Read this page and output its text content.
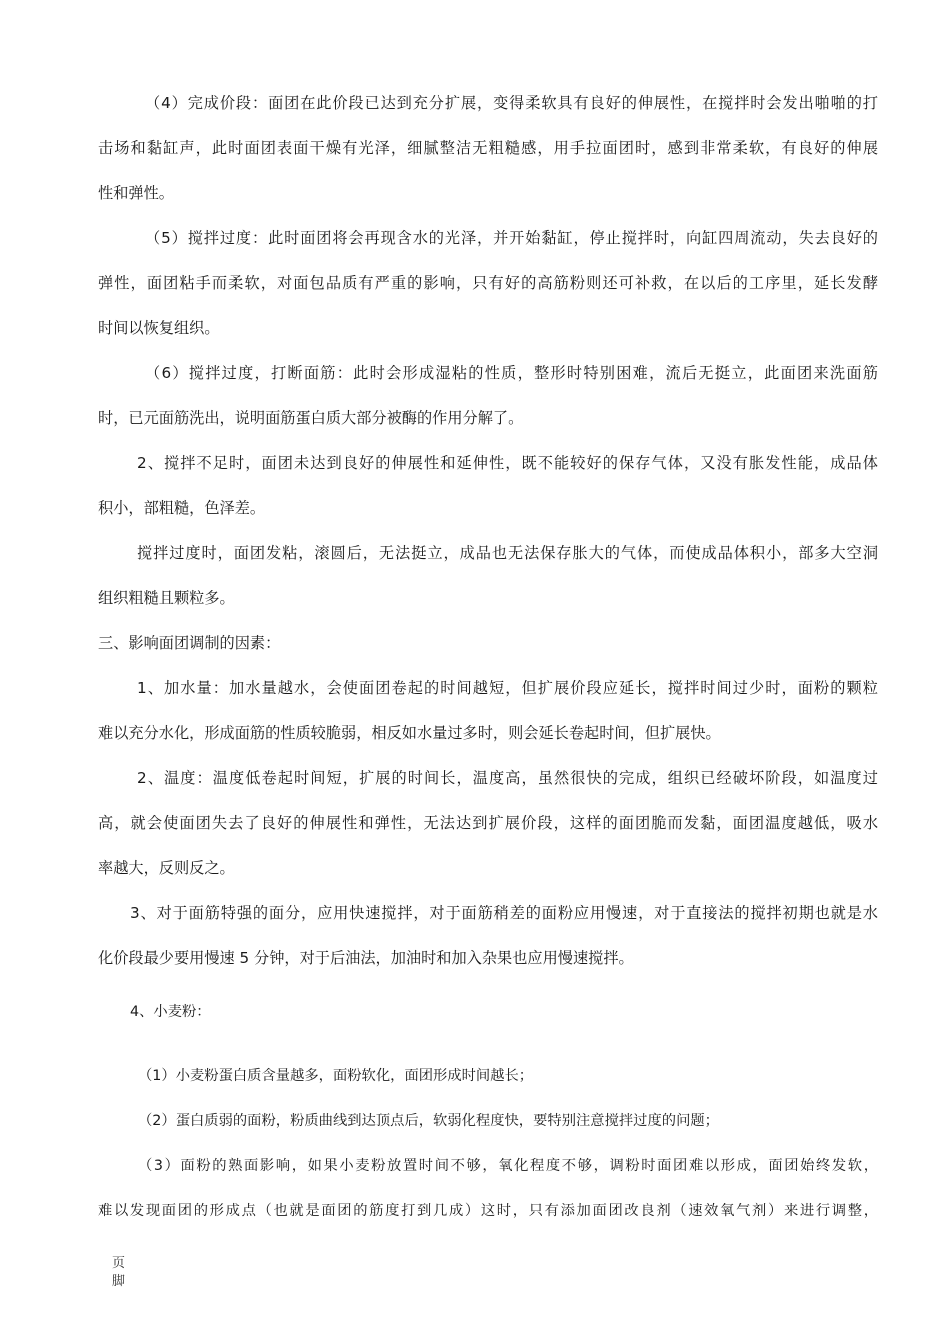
（4）完成价段：面团在此价段已达到充分扩展，变得柔软具有良好的伸展性，在搅拌时会发出啪啪的打
击场和黏缸声，此时面团表面干燥有光泽，细腻整洁无粗糙感，用手拉面团时，感到非常柔软，有良好的伸展
性和弹性。
（5）搅拌过度：此时面团将会再现含水的光泽，并开始黏缸，停止搅拌时，向缸四周流动，失去良好的
弹性，面团粘手而柔软，对面包品质有严重的影响，只有好的高筋粉则还可补救，在以后的工序里，延长发酵
时间以恢复组织。
（6）搅拌过度，打断面筋：此时会形成湿粘的性质，整形时特别困难，流后无挺立，此面团来洗面筋
时，已元面筋洗出，说明面筋蛋白质大部分被酶的作用分解了。
2、搅拌不足时，面团未达到良好的伸展性和延伸性，既不能较好的保存气体，又没有胀发性能，成品体
积小，部粗糙，色泽差。
搅拌过度时，面团发粘，滚圆后，无法挺立，成品也无法保存胀大的气体，而使成品体积小，部多大空洞
组织粗糙且颗粒多。
三、影响面团调制的因素：
1、加水量：加水量越水，会使面团卷起的时间越短，但扩展价段应延长，搅拌时间过少时，面粉的颗粒
难以充分水化，形成面筋的性质较脆弱，相反如水量过多时，则会延长卷起时间，但扩展快。
2、温度：温度低卷起时间短，扩展的时间长，温度高，虽然很快的完成，组织已经破坏阶段，如温度过
高，就会使面团失去了良好的伸展性和弹性，无法达到扩展价段，这样的面团脆而发黏，面团温度越低，吸水
率越大，反则反之。
3、对于面筋特强的面分，应用快速搅拌，对于面筋稍差的面粉应用慢速，对于直接法的搅拌初期也就是水
化价段最少要用慢速 5 分钟，对于后油法，加油时和加入杂果也应用慢速搅拌。
4、小麦粉：
（1）小麦粉蛋白质含量越多，面粉软化，面团形成时间越长；
（2）蛋白质弱的面粉，粉质曲线到达顶点后，软弱化程度快，要特别注意搅拌过度的问题；
（3）面粉的熟面影响，如果小麦粉放置时间不够，氧化程度不够，调粉时面团难以形成，面团始终发软，
难以发现面团的形成点（也就是面团的筋度打到几成）这时，只有添加面团改良剂（速效氧气剂）来进行调整，
页
脚
